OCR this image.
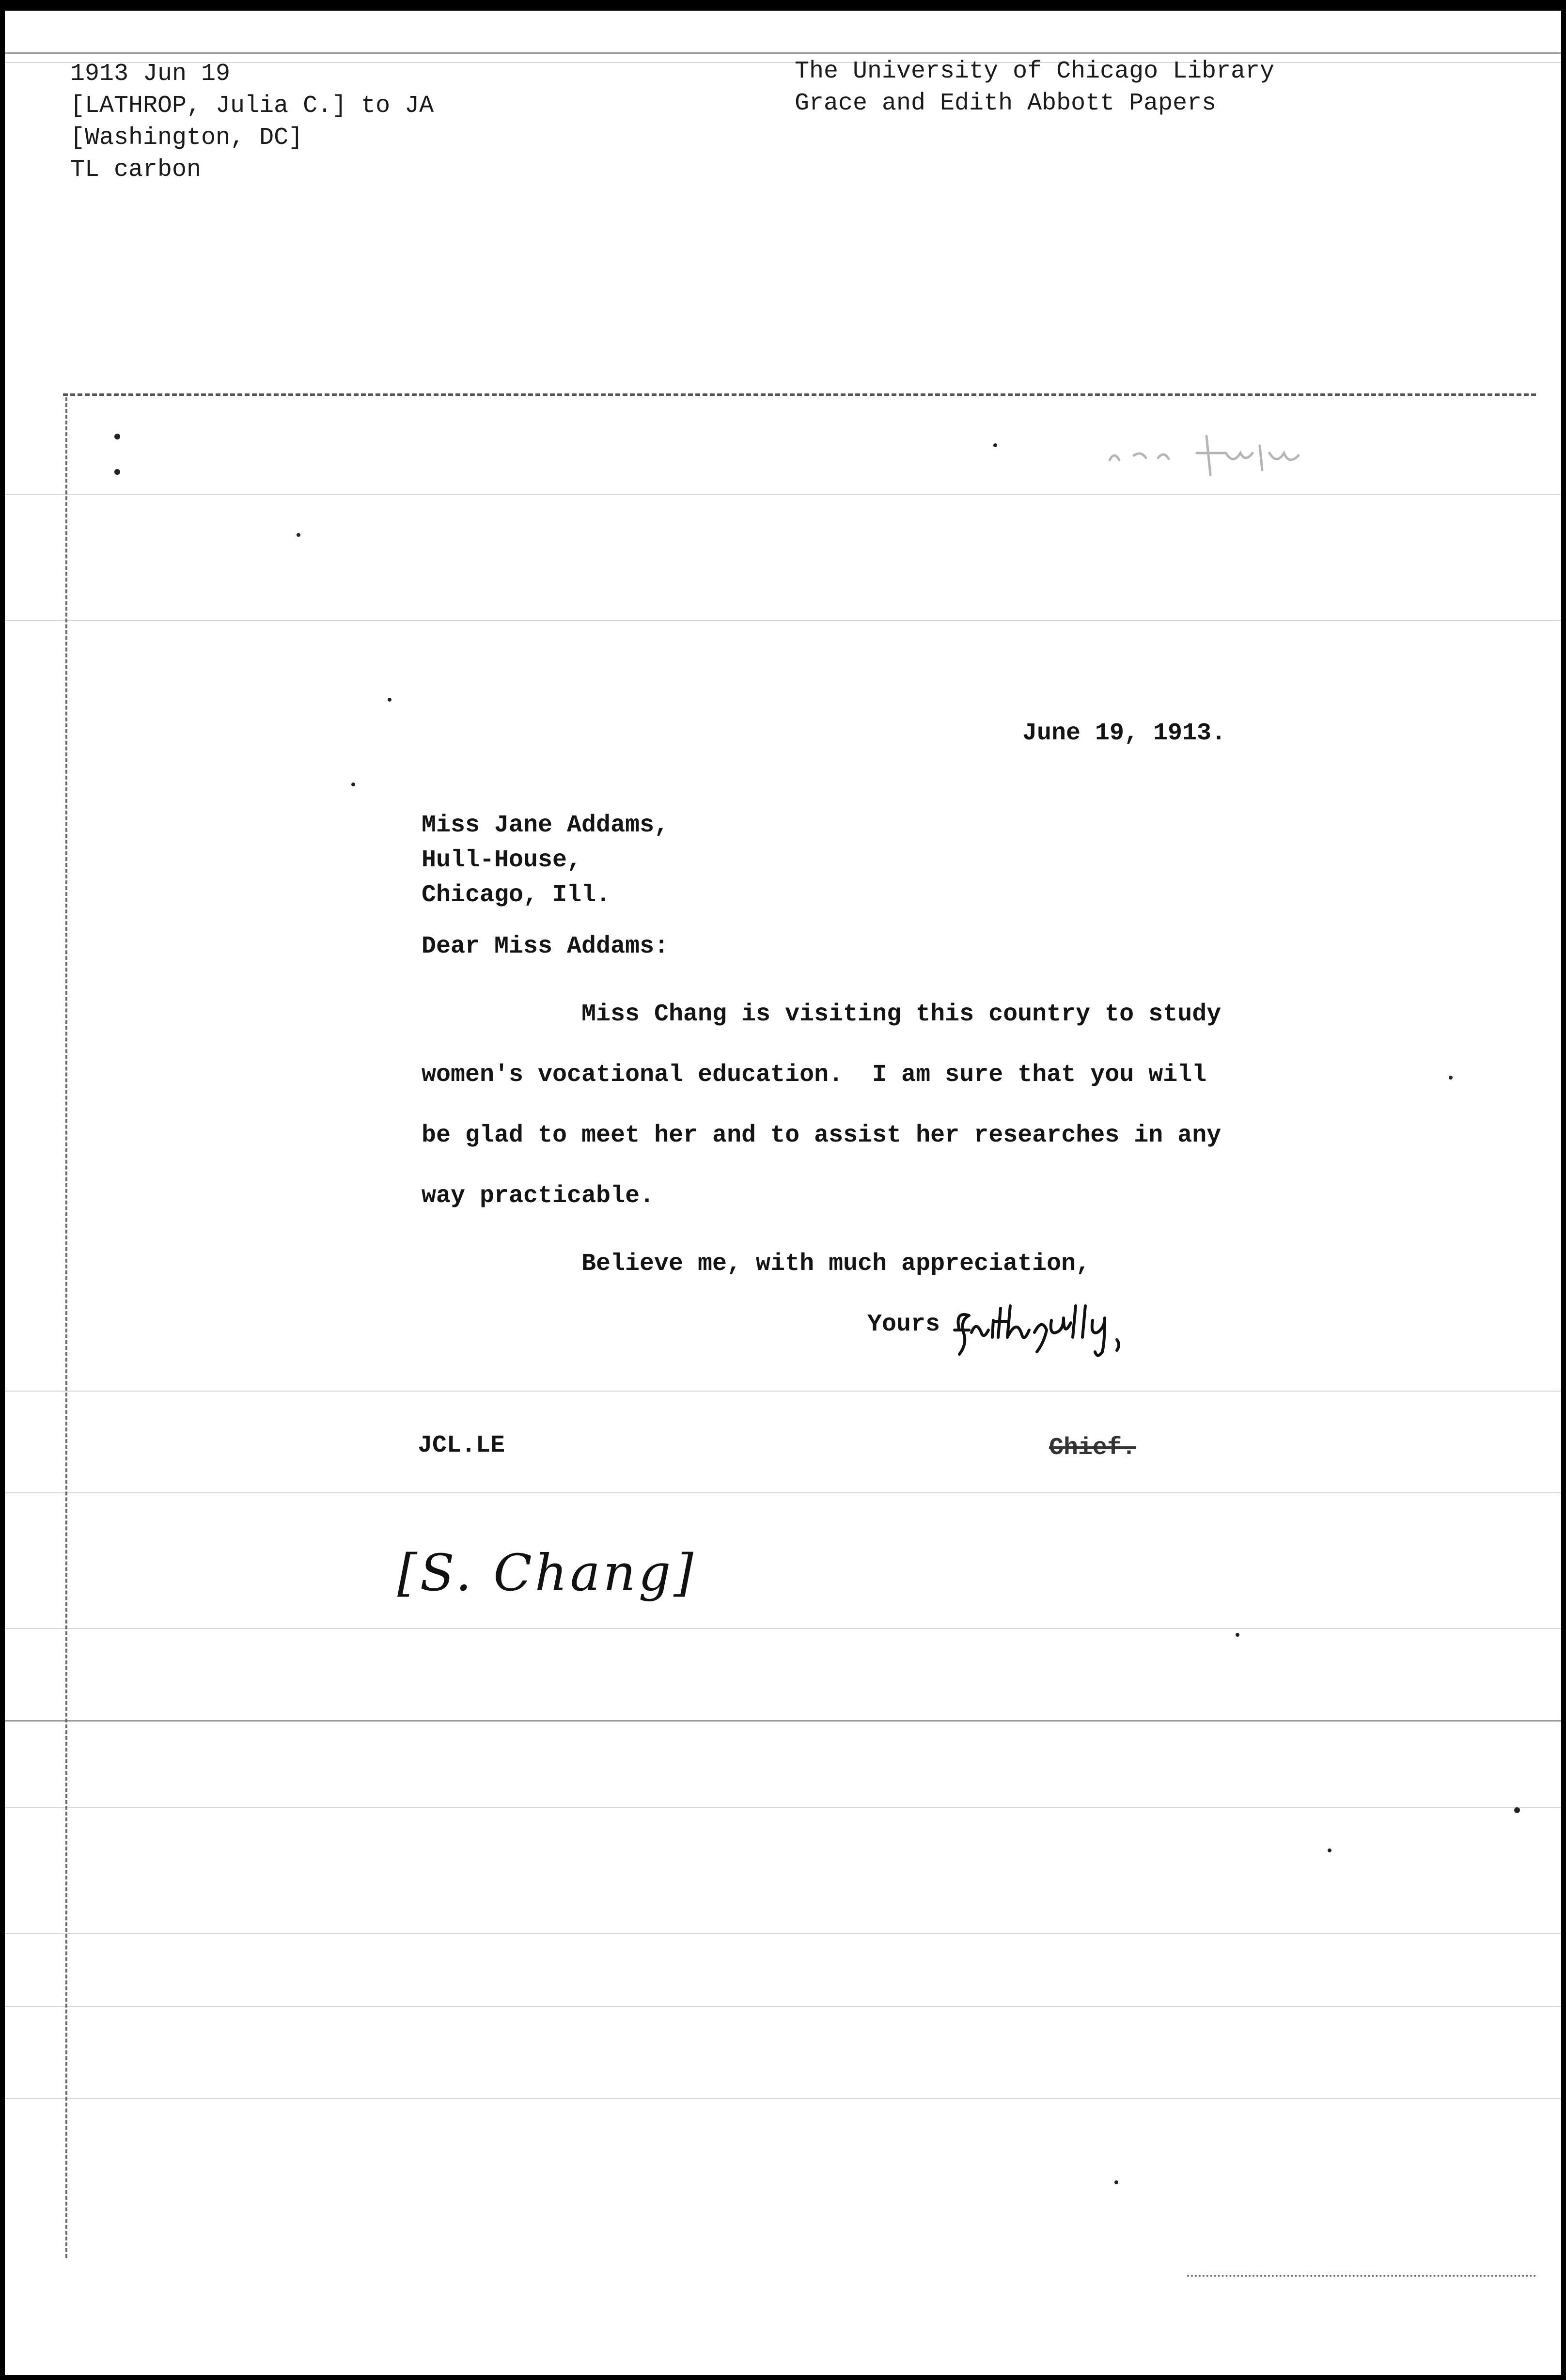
1913 Jun 19
[LATHROP, Julia C.] to JA
[Washington, DC]
TL carbon
The University of Chicago Library
Grace and Edith Abbott Papers
June 19, 1913.
Miss Jane Addams,
Hull-House,
Chicago, Ill.
Dear Miss Addams:
Miss Chang is visiting this country to study
women's vocational education.  I am sure that you will
be glad to meet her and to assist her researches in any
way practicable.
Believe me, with much appreciation,
Yours
JCL.LE	Chief.
[S. Chang]
